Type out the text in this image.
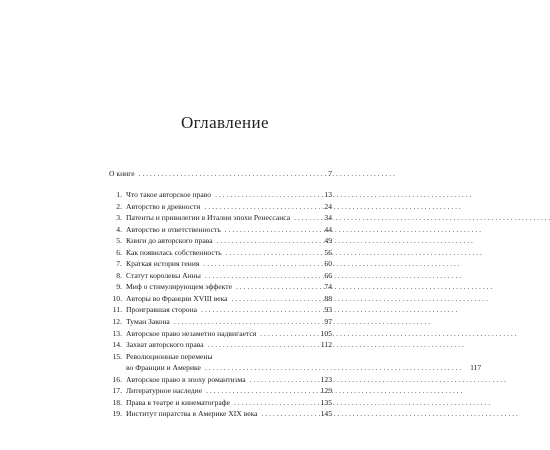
Оглавление
О книге . . .	7
1. Что такое авторское право . . .	13
2. Авторство в древности . . .	24
3. Патенты и привилегии в Италии эпохи Ренессанса . . .	34
4. Авторство и ответственность . . .	44
5. Книги до авторского права . . .	49
6. Как появилась собственность . . .	56
7. Краткая история гения . . .	60
8. Статут королевы Анны . . .	66
9. Миф о стимулирующем эффекте . . .	74
10. Авторы во Франции XVIII века . . .	88
11. Проигравшая сторона . . .	93
12. Туман Закона . . .	97
13. Авторское право незаметно надвигается . . .	105
14. Захват авторского права . . .	112
15. Революционные перемены
во Франции и Америке . . .	117
16. Авторское право в эпоху романтизма . . .	123
17. Литературное наследие . . .	129
18. Права в театре и кинематографе . . .	135
19. Институт пиратства в Америке XIX века . . .	145
